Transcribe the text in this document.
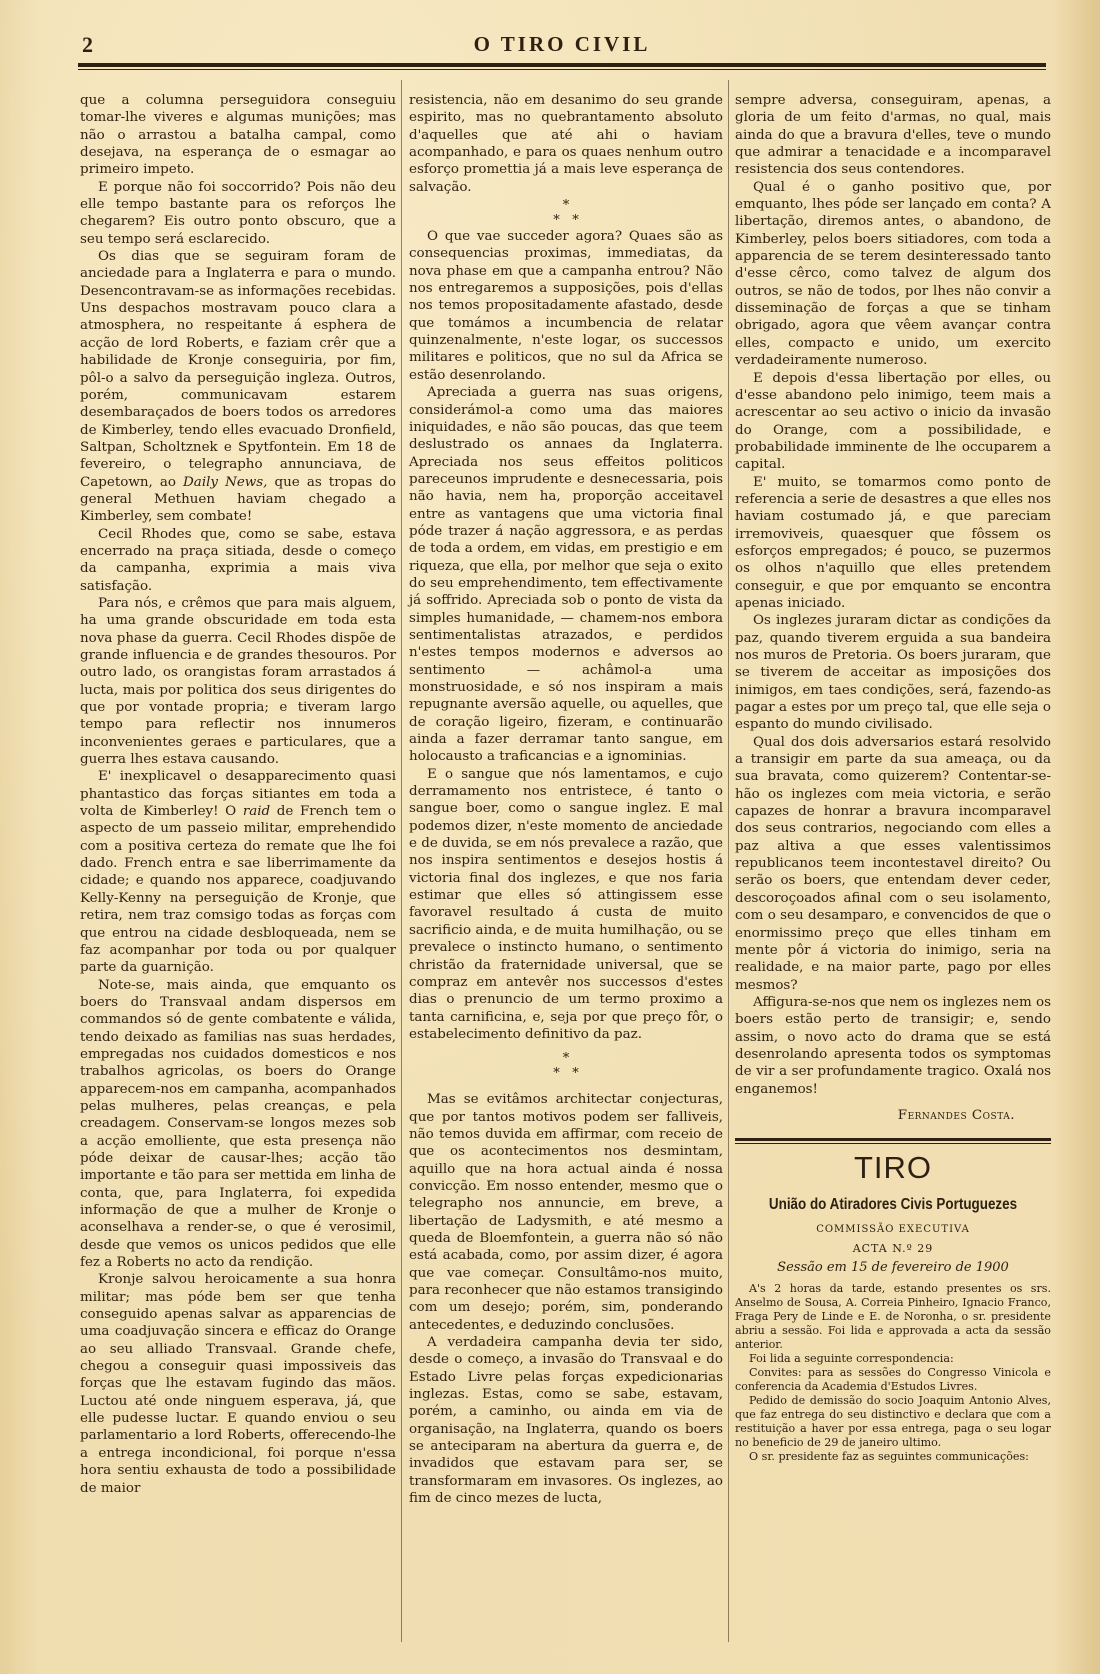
2	O TIRO CIVIL

que a columna perseguidora conseguiu tomar-lhe viveres e algumas munições; mas não o arrastou a batalha campal, como desejava, na esperança de o esmagar ao primeiro impeto.

E porque não foi soccorrido? Pois não deu elle tempo bastante para os reforços lhe chegarem? Eis outro ponto obscuro, que a seu tempo será esclarecido.

Os dias que se seguiram foram de anciedade para a Inglaterra e para o mundo. Desencontravam-se as informações recebidas. Uns despachos mostravam pouco clara a atmosphera, no respeitante á esphera de acção de lord Roberts, e faziam crêr que a habilidade de Kronje conseguiria, por fim, pôl-o a salvo da perseguição ingleza. Outros, porém, communicavam estarem desembaraçados de boers todos os arredores de Kimberley, tendo elles evacuado Dronfield, Saltpan, Scholtznek e Spytfontein. Em 18 de fevereiro, o telegrapho annunciava, de Capetown, ao Daily News, que as tropas do general Methuen haviam chegado a Kimberley, sem combate!

Cecil Rhodes que, como se sabe, estava encerrado na praça sitiada, desde o começo da campanha, exprimia a mais viva satisfação.

Para nós, e crêmos que para mais alguem, ha uma grande obscuridade em toda esta nova phase da guerra. Cecil Rhodes dispõe de grande influencia e de grandes thesouros. Por outro lado, os orangistas foram arrastados á lucta, mais por politica dos seus dirigentes do que por vontade propria; e tiveram largo tempo para reflectir nos innumeros inconvenientes geraes e particulares, que a guerra lhes estava causando.

E' inexplicavel o desapparecimento quasi phantastico das forças sitiantes em toda a volta de Kimberley! O raid de French tem o aspecto de um passeio militar, emprehendido com a positiva certeza do remate que lhe foi dado. French entra e sae liberrimamente da cidade; e quando nos apparece, coadjuvando Kelly-Kenny na perseguição de Kronje, que retira, nem traz comsigo todas as forças com que entrou na cidade desbloqueada, nem se faz acompanhar por toda ou por qualquer parte da guarnição.

Note-se, mais ainda, que emquanto os boers do Transvaal andam dispersos em commandos só de gente combatente e válida, tendo deixado as familias nas suas herdades, empregadas nos cuidados domesticos e nos trabalhos agricolas, os boers do Orange apparecem-nos em campanha, acompanhados pelas mulheres, pelas creanças, e pela creadagem. Conservam-se longos mezes sob a acção emolliente, que esta presença não póde deixar de causar-lhes; acção tão importante e tão para ser mettida em linha de conta, que, para Inglaterra, foi expedida informação de que a mulher de Kronje o aconselhava a render-se, o que é verosimil, desde que vemos os unicos pedidos que elle fez a Roberts no acto da rendição.

Kronje salvou heroicamente a sua honra militar; mas póde bem ser que tenha conseguido apenas salvar as apparencias de uma coadjuvação sincera e efficaz do Orange ao seu alliado Transvaal. Grande chefe, chegou a conseguir quasi impossiveis das forças que lhe estavam fugindo das mãos. Luctou até onde ninguem esperava, já, que elle pudesse luctar. E quando enviou o seu parlamentario a lord Roberts, offerecendo-lhe a entrega incondicional, foi porque n'essa hora sentiu exhausta de todo a possibilidade de maior

resistencia, não em desanimo do seu grande espirito, mas no quebrantamento absoluto d'aquelles que até ahi o haviam acompanhado, e para os quaes nenhum outro esforço promettia já a mais leve esperança de salvação.

*
*   *

O que vae succeder agora? Quaes são as consequencias proximas, immediatas, da nova phase em que a campanha entrou? Não nos entregaremos a supposições, pois d'ellas nos temos propositadamente afastado, desde que tomámos a incumbencia de relatar quinzenalmente, n'este logar, os successos militares e politicos, que no sul da Africa se estão desenrolando.

Apreciada a guerra nas suas origens, considerámol-a como uma das maiores iniquidades, e não são poucas, das que teem deslustrado os annaes da Inglaterra. Apreciada nos seus effeitos politicos pareceunos imprudente e desnecessaria, pois não havia, nem ha, proporção acceitavel entre as vantagens que uma victoria final póde trazer á nação aggressora, e as perdas de toda a ordem, em vidas, em prestigio e em riqueza, que ella, por melhor que seja o exito do seu emprehendimento, tem effectivamente já soffrido. Apreciada sob o ponto de vista da simples humanidade, — chamem-nos embora sentimentalistas atrazados, e perdidos n'estes tempos modernos e adversos ao sentimento — achâmol-a uma monstruosidade, e só nos inspiram a mais repugnante aversão aquelle, ou aquelles, que de coração ligeiro, fizeram, e continuarão ainda a fazer derramar tanto sangue, em holocausto a traficancias e a ignominias.

E o sangue que nós lamentamos, e cujo derramamento nos entristece, é tanto o sangue boer, como o sangue inglez. E mal podemos dizer, n'este momento de anciedade e de duvida, se em nós prevalece a razão, que nos inspira sentimentos e desejos hostis á victoria final dos inglezes, e que nos faria estimar que elles só attingissem esse favoravel resultado á custa de muito sacrificio ainda, e de muita humilhação, ou se prevalece o instincto humano, o sentimento christão da fraternidade universal, que se compraz em antevêr nos successos d'estes dias o prenuncio de um termo proximo a tanta carnificina, e, seja por que preço fôr, o estabelecimento definitivo da paz.

*
*   *

Mas se evitâmos architectar conjecturas, que por tantos motivos podem ser falliveis, não temos duvida em affirmar, com receio de que os acontecimentos nos desmintam, aquillo que na hora actual ainda é nossa convicção. Em nosso entender, mesmo que o telegrapho nos annuncie, em breve, a libertação de Ladysmith, e até mesmo a queda de Bloemfontein, a guerra não só não está acabada, como, por assim dizer, é agora que vae começar. Consultâmo-nos muito, para reconhecer que não estamos transigindo com um desejo; porém, sim, ponderando antecedentes, e deduzindo conclusões.

A verdadeira campanha devia ter sido, desde o começo, a invasão do Transvaal e do Estado Livre pelas forças expedicionarias inglezas. Estas, como se sabe, estavam, porém, a caminho, ou ainda em via de organisação, na Inglaterra, quando os boers se anteciparam na abertura da guerra e, de invadidos que estavam para ser, se transformaram em invasores. Os inglezes, ao fim de cinco mezes de lucta,

sempre adversa, conseguiram, apenas, a gloria de um feito d'armas, no qual, mais ainda do que a bravura d'elles, teve o mundo que admirar a tenacidade e a incomparavel resistencia dos seus contendores.

Qual é o ganho positivo que, por emquanto, lhes póde ser lançado em conta? A libertação, diremos antes, o abandono, de Kimberley, pelos boers sitiadores, com toda a apparencia de se terem desinteressado tanto d'esse cêrco, como talvez de algum dos outros, se não de todos, por lhes não convir a disseminação de forças a que se tinham obrigado, agora que vêem avançar contra elles, compacto e unido, um exercito verdadeiramente numeroso.

E depois d'essa libertação por elles, ou d'esse abandono pelo inimigo, teem mais a acrescentar ao seu activo o inicio da invasão do Orange, com a possibilidade, e probabilidade imminente de lhe occuparem a capital.

E' muito, se tomarmos como ponto de referencia a serie de desastres a que elles nos haviam costumado já, e que pareciam irremoviveis, quaesquer que fôssem os esforços empregados; é pouco, se puzermos os olhos n'aquillo que elles pretendem conseguir, e que por emquanto se encontra apenas iniciado.

Os inglezes juraram dictar as condições da paz, quando tiverem erguida a sua bandeira nos muros de Pretoria. Os boers juraram, que se tiverem de acceitar as imposições dos inimigos, em taes condições, será, fazendo-as pagar a estes por um preço tal, que elle seja o espanto do mundo civilisado.

Qual dos dois adversarios estará resolvido a transigir em parte da sua ameaça, ou da sua bravata, como quizerem? Contentar-se-hão os inglezes com meia victoria, e serão capazes de honrar a bravura incomparavel dos seus contrarios, negociando com elles a paz altiva a que esses valentissimos republicanos teem incontestavel direito? Ou serão os boers, que entendam dever ceder, descoroçoados afinal com o seu isolamento, com o seu desamparo, e convencidos de que o enormissimo preço que elles tinham em mente pôr á victoria do inimigo, seria na realidade, e na maior parte, pago por elles mesmos?

Affigura-se-nos que nem os inglezes nem os boers estão perto de transigir; e, sendo assim, o novo acto do drama que se está desenrolando apresenta todos os symptomas de vir a ser profundamente tragico. Oxalá nos enganemos!

Fernandes Costa.
TIRO
União do Atiradores Civis Portuguezes
COMMISSÃO EXECUTIVA
ACTA N.º 29
Sessão em 15 de fevereiro de 1900

A's 2 horas da tarde, estando presentes os srs. Anselmo de Sousa, A. Correia Pinheiro, Ignacio Franco, Fraga Pery de Linde e E. de Noronha, o sr. presidente abriu a sessão. Foi lida e approvada a acta da sessão anterior.

Foi lida a seguinte correspondencia:

Convites: para as sessões do Congresso Vinicola e conferencia da Academia d'Estudos Livres.

Pedido de demissão do socio Joaquim Antonio Alves, que faz entrega do seu distinctivo e declara que com a restituição a haver por essa entrega, paga o seu logar no beneficio de 29 de janeiro ultimo.

O sr. presidente faz as seguintes communicações:
